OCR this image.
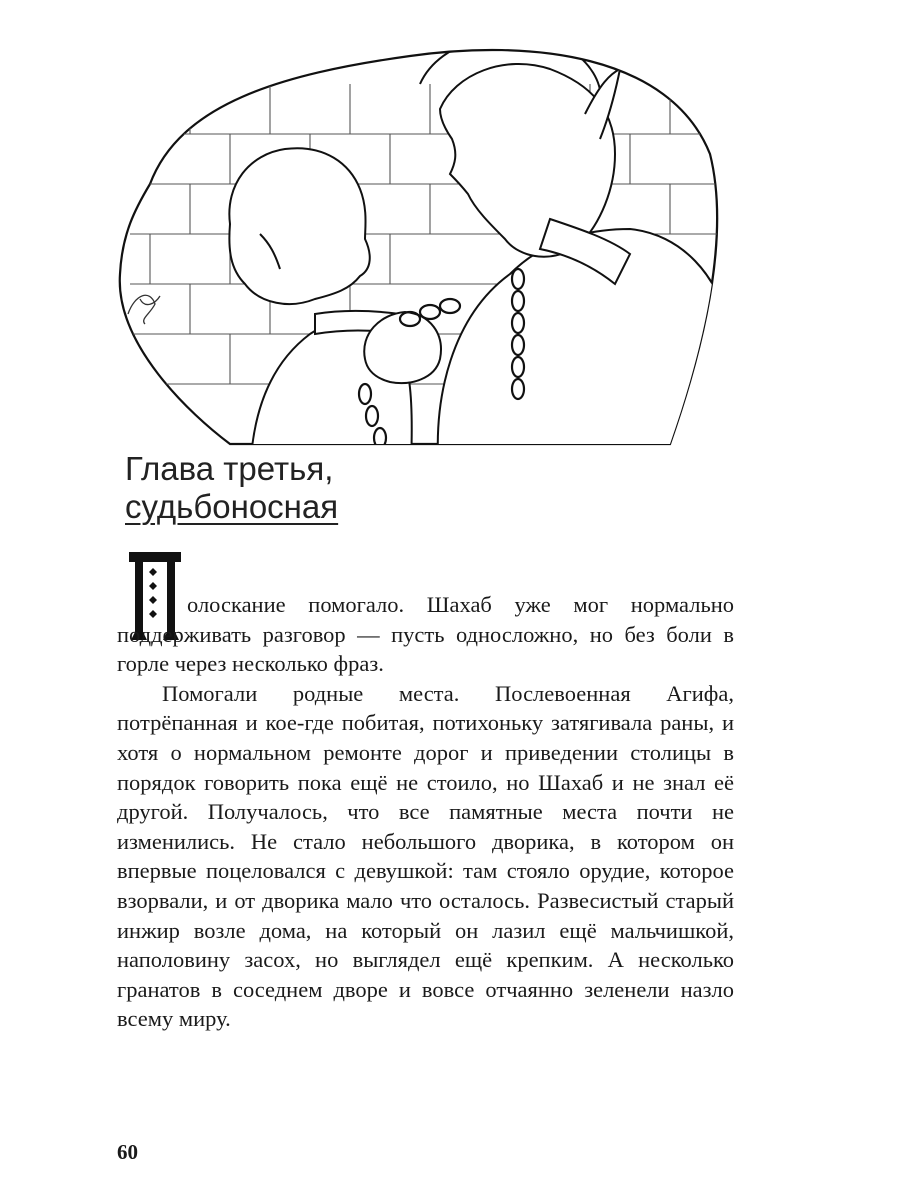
Глава третья,
судьбоносная

олоскание помогало. Шахаб уже мог нормально поддерживать разговор — пусть односложно, но без боли в горле через несколько фраз.

Помогали родные места. Послевоенная Агифа, потрёпанная и кое-где побитая, потихоньку затягивала раны, и хотя о нормальном ремонте дорог и приведении столицы в порядок говорить пока ещё не стоило, но Шахаб и не знал её другой. Получалось, что все памятные места почти не изменились. Не стало небольшого дворика, в котором он впервые поцеловался с девушкой: там стояло орудие, которое взорвали, и от дворика мало что осталось. Развесистый старый инжир возле дома, на который он лазил ещё мальчишкой, наполовину засох, но выглядел ещё крепким. А несколько гранатов в соседнем дворе и вовсе отчаянно зеленели назло всему миру.

60
